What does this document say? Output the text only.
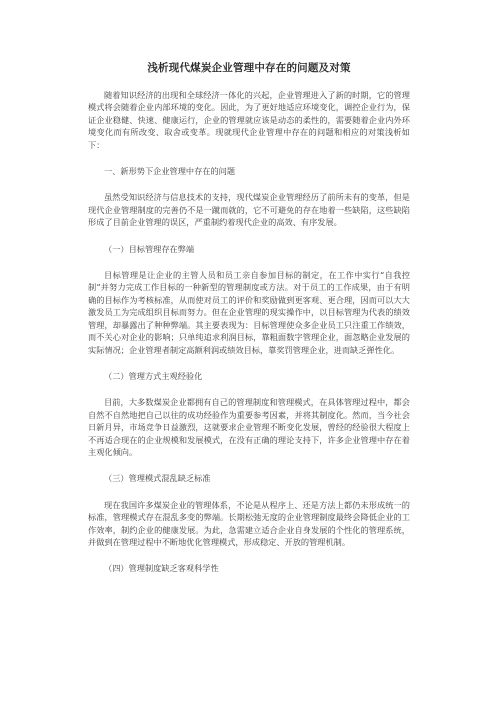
浅析现代煤炭企业管理中存在的问题及对策

随着知识经济的出现和全球经济一体化的兴起，企业管理进入了新的时期，它的管理模式将会随着企业内部环境的变化。因此，为了更好地适应环境变化，调控企业行为，保证企业稳健、快速、健康运行，企业的管理就应该是动态的柔性的，需要随着企业内外环境变化而有所改变、取舍或变革。现就现代企业管理中存在的问题和相应的对策浅析如下：

一、新形势下企业管理中存在的问题

虽然受知识经济与信息技术的支持，现代煤炭企业管理经历了前所未有的变革，但是现代企业管理制度的完善仍不是一蹴而就的，它不可避免的存在地着一些缺陷，这些缺陷形成了目前企业管理的误区，严重制约着现代企业的高效、有序发展。

（一）目标管理存在弊端

目标管理是让企业的主管人员和员工亲自参加目标的制定，在工作中实行“自我控制”并努力完成工作目标的一种新型的管理制度或方法。对于员工的工作成果，由于有明确的目标作为考核标准，从而使对员工的评价和奖励做到更客观、更合理，因而可以大大激发员工为完成组织目标而努力。但在企业管理的现实操作中，以目标管理为代表的绩效管理，却暴露出了种种弊端。其主要表现为：目标管理使众多企业员工只注重工作绩效，而不关心对企业的影响；只单纯追求利润目标，靠粗面数字管理企业，面忽略企业发展的实际情况；企业管理者制定高额利润或绩效目标，靠奖罚管理企业，进而缺乏弹性化。

（二）管理方式主观经验化

目前，大多数煤炭企业都拥有自己的管理制度和管理模式，在具体管理过程中，都会自然不自然地把自己以往的成功经验作为重要参考因素，并将其制度化。然而，当今社会日新月异，市场竞争日益激烈，这就要求企业管理不断变化发展，曾经的经验很大程度上不再适合现在的企业规模和发展模式，在没有正确的理论支持下，许多企业管理中存在着主观化倾向。

（三）管理模式混乱缺乏标准

现在我国许多煤炭企业的管理体系，不论是从程序上、还是方法上都仍未形成统一的标准，管理模式存在混乱多变的弊端。长期松弛无度的企业管理制度最终会降低企业的工作效率，制约企业的健康发展。为此，急需建立适合企业自身发展的个性化的管理系统，并做到在管理过程中不断地优化管理模式，形成稳定、开放的管理机制。

（四）管理制度缺乏客观科学性
